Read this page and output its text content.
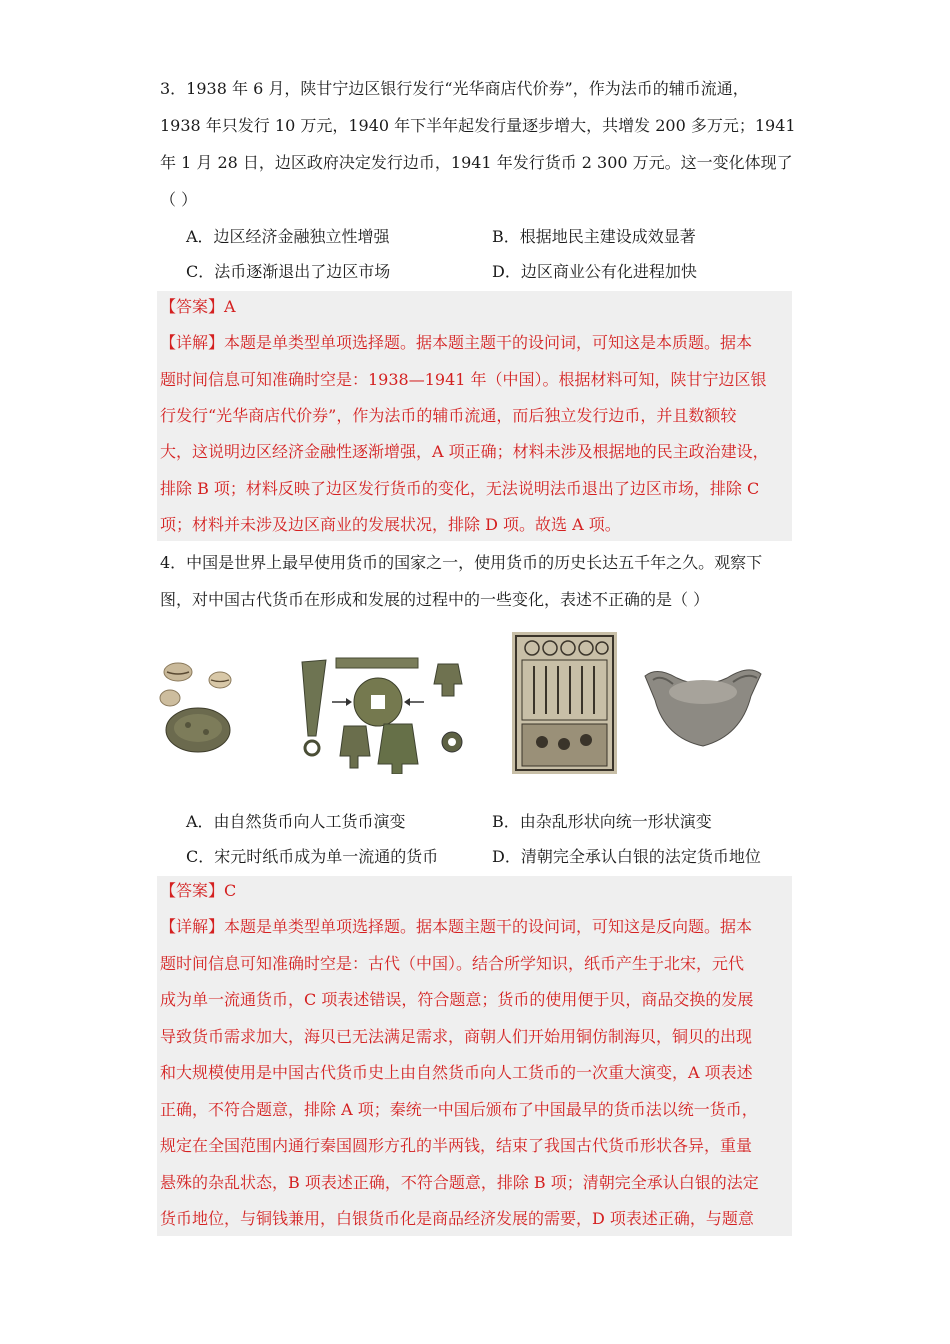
3．1938 年 6 月，陕甘宁边区银行发行“光华商店代价券”，作为法币的辅币流通，
1938 年只发行 10 万元，1940 年下半年起发行量逐步增大，共增发 200 多万元；1941
年 1 月 28 日，边区政府决定发行边币，1941 年发行货币 2 300 万元。这一变化体现了
（ ）
A．边区经济金融独立性增强	B．根据地民主建设成效显著
C．法币逐渐退出了边区市场	D．边区商业公有化进程加快
【答案】A
【详解】本题是单类型单项选择题。据本题主题干的设问词，可知这是本质题。据本
题时间信息可知准确时空是：1938—1941 年（中国）。根据材料可知，陕甘宁边区银
行发行“光华商店代价券”，作为法币的辅币流通，而后独立发行边币，并且数额较
大，这说明边区经济金融性逐渐增强，A 项正确；材料未涉及根据地的民主政治建设，
排除 B 项；材料反映了边区发行货币的变化，无法说明法币退出了边区市场，排除 C
项；材料并未涉及边区商业的发展状况，排除 D 项。故选 A 项。
4．中国是世界上最早使用货币的国家之一，使用货币的历史长达五千年之久。观察下
图，对中国古代货币在形成和发展的过程中的一些变化，表述不正确的是（ ）
A．由自然货币向人工货币演变	B．由杂乱形状向统一形状演变
C．宋元时纸币成为单一流通的货币	D．清朝完全承认白银的法定货币地位
【答案】C
【详解】本题是单类型单项选择题。据本题主题干的设问词，可知这是反向题。据本
题时间信息可知准确时空是：古代（中国）。结合所学知识，纸币产生于北宋，元代
成为单一流通货币，C 项表述错误，符合题意；货币的使用便于贝，商品交换的发展
导致货币需求加大，海贝已无法满足需求，商朝人们开始用铜仿制海贝，铜贝的出现
和大规模使用是中国古代货币史上由自然货币向人工货币的一次重大演变，A 项表述
正确，不符合题意，排除 A 项；秦统一中国后颁布了中国最早的货币法以统一货币，
规定在全国范围内通行秦国圆形方孔的半两钱，结束了我国古代货币形状各异，重量
悬殊的杂乱状态，B 项表述正确，不符合题意，排除 B 项；清朝完全承认白银的法定
货币地位，与铜钱兼用，白银货币化是商品经济发展的需要，D 项表述正确，与题意
